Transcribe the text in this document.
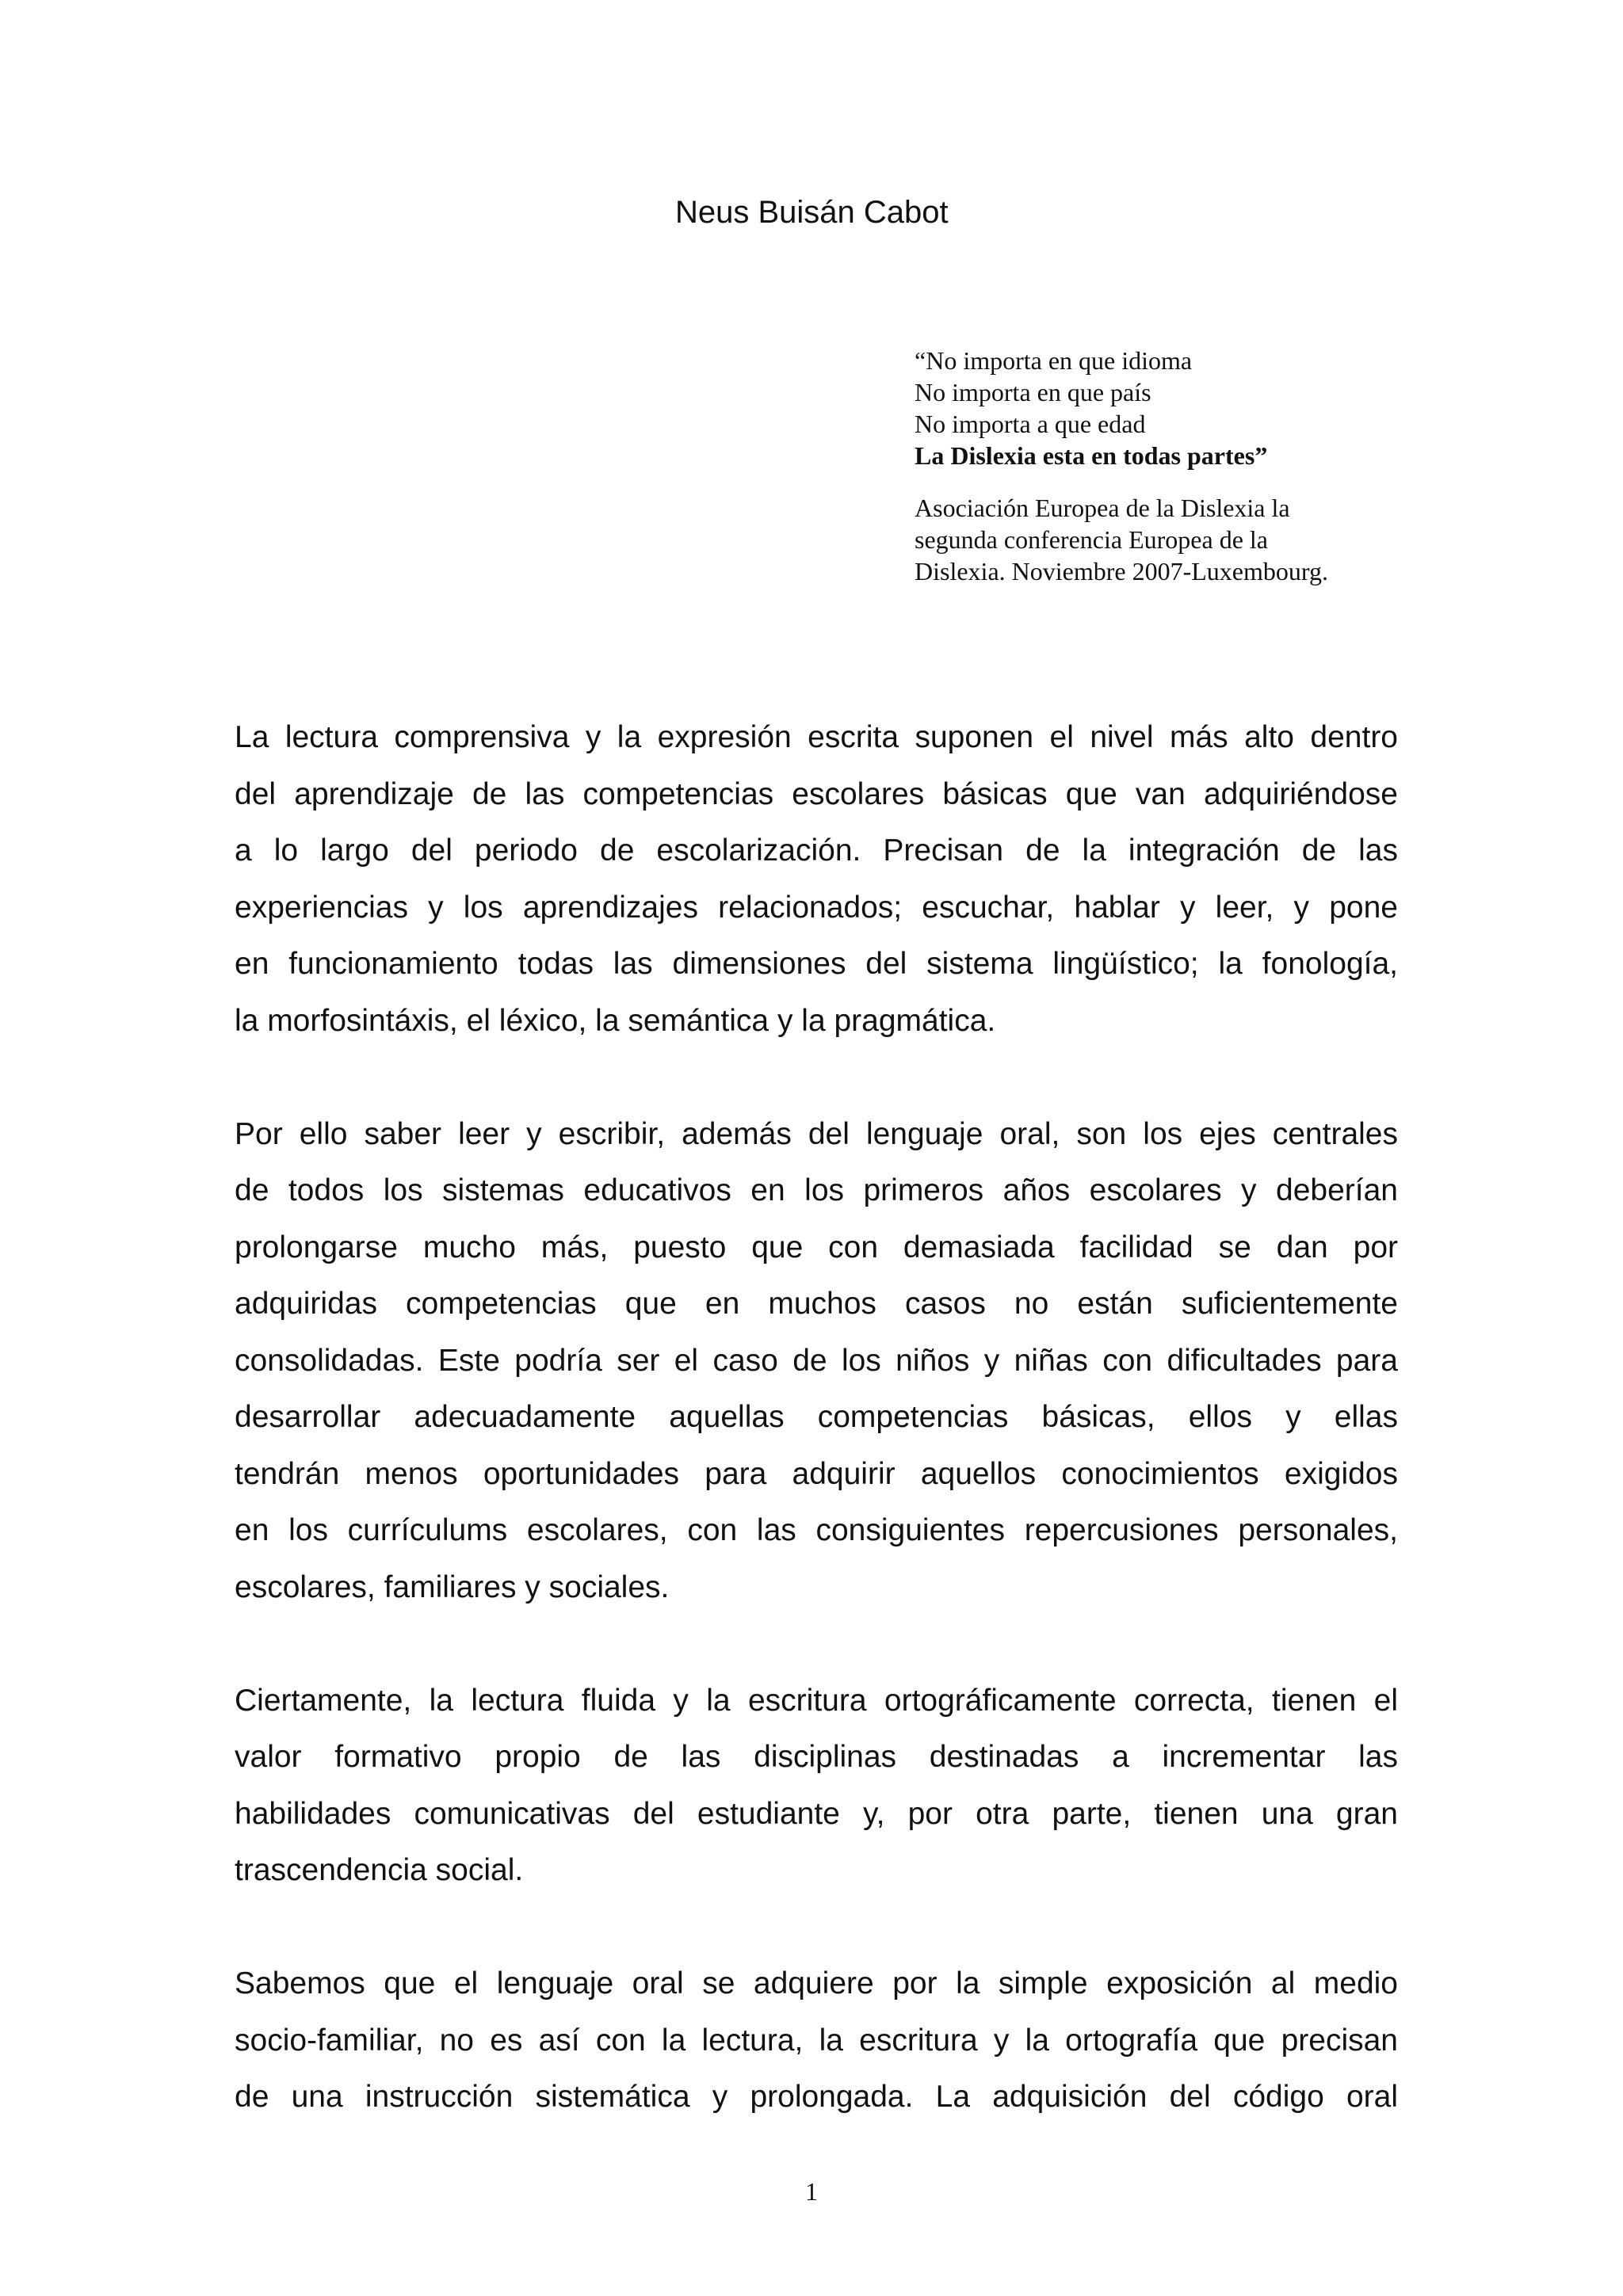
Neus Buisán Cabot
“No importa en que idioma
No importa en que país
No importa a que edad
La Dislexia esta en todas partes”
Asociación Europea de la Dislexia la
segunda conferencia Europea de la
Dislexia. Noviembre 2007-Luxembourg.
La lectura comprensiva y la expresión escrita suponen el nivel más alto dentro
del aprendizaje de las competencias escolares básicas que van adquiriéndose
a lo largo del periodo de escolarización. Precisan de la integración de las
experiencias y los aprendizajes relacionados; escuchar, hablar y leer, y pone
en funcionamiento todas las dimensiones del sistema lingüístico; la fonología,
la morfosintáxis, el léxico, la semántica y la pragmática.
Por ello saber leer y escribir, además del lenguaje oral, son los ejes centrales
de todos los sistemas educativos en los primeros años escolares y deberían
prolongarse mucho más, puesto que con demasiada facilidad se dan por
adquiridas competencias que en muchos casos no están suficientemente
consolidadas. Este podría ser el caso de los niños y niñas con dificultades para
desarrollar adecuadamente aquellas competencias básicas, ellos y ellas
tendrán menos oportunidades para adquirir aquellos conocimientos exigidos
en los currículums escolares, con las consiguientes repercusiones personales,
escolares, familiares y sociales.
Ciertamente, la lectura fluida y la escritura ortográficamente correcta, tienen el
valor formativo propio de las disciplinas destinadas a incrementar las
habilidades comunicativas del estudiante y, por otra parte, tienen una gran
trascendencia social.
Sabemos que el lenguaje oral se adquiere por la simple exposición al medio
socio-familiar, no es así con la lectura, la escritura y la ortografía que precisan
de una instrucción sistemática y prolongada. La adquisición del código oral
1
